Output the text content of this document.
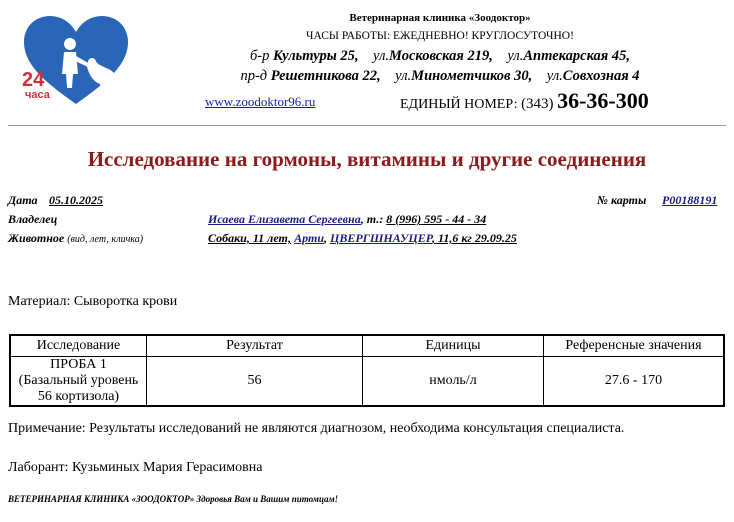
24
часа
Ветеринарная клиника «Зоодоктор»
ЧАСЫ РАБОТЫ: ЕЖЕДНЕВНО! КРУГЛОСУТОЧНО!
б-р Культуры 25, ул.Московская 219, ул.Аптекарская 45,
пр-д Решетникова 22, ул.Минометчиков 30, ул.Совхозная 4
www.zoodoktor96.ru	ЕДИНЫЙ НОМЕР: (343) 36-36-300
Исследование на гормоны, витамины и другие соединения
Дата 05.10.2025	№ карты P00188191
Владелец	Исаева Елизавета Сергеевна, т.: 8 (996) 595 - 44 - 34
Животное (вид, лет, кличка)	Собаки, 11 лет, Арти, ЦВЕРГШНАУЦЕР, 11,6 кг 29.09.25
Материал: Сыворотка крови
Исследование	Результат	Единицы	Референсные значения
ПРОБА 1 (Базальный уровень 56 кортизола)	56	нмоль/л	27.6 - 170
Примечание: Результаты исследований не являются диагнозом, необходима консультация специалиста.
Лаборант: Кузьминых Мария Герасимовна
ВЕТЕРИНАРНАЯ КЛИНИКА «ЗООДОКТОР» Здоровья Вам и Вашим питомцам!
